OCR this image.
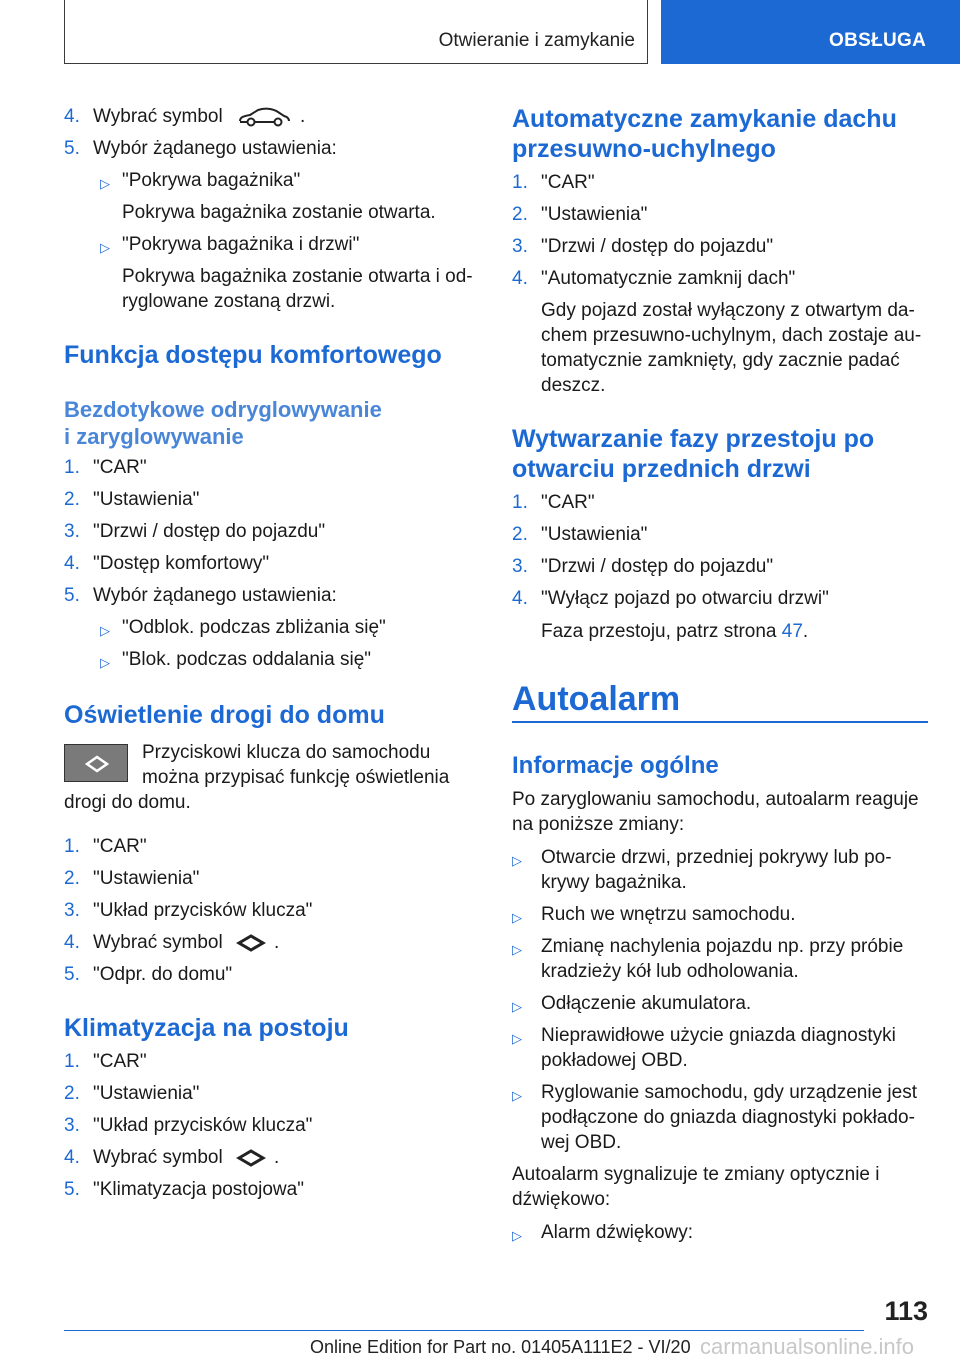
Otwieranie i zamykanie	OBSŁUGA
4. Wybrać symbol	.
5. Wybór żądanego ustawienia:
▷ "Pokrywa bagażnika"
Pokrywa bagażnika zostanie otwarta.
▷ "Pokrywa bagażnika i drzwi"
Pokrywa bagażnika zostanie otwarta i od-
ryglowane zostaną drzwi.
Funkcja dostępu komfortowego
Bezdotykowe odryglowywanie
i zaryglowywanie
1. "CAR"
2. "Ustawienia"
3. "Drzwi / dostęp do pojazdu"
4. "Dostęp komfortowy"
5. Wybór żądanego ustawienia:
▷ "Odblok. podczas zbliżania się"
▷ "Blok. podczas oddalania się"
Oświetlenie drogi do domu
Przyciskowi klucza do samochodu
można przypisać funkcję oświetlenia
drogi do domu.
1. "CAR"
2. "Ustawienia"
3. "Układ przycisków klucza"
4. Wybrać symbol	.
5. "Odpr. do domu"
Klimatyzacja na postoju
1. "CAR"
2. "Ustawienia"
3. "Układ przycisków klucza"
4. Wybrać symbol	.
5. "Klimatyzacja postojowa"
Automatyczne zamykanie dachu
przesuwno-uchylnego
1. "CAR"
2. "Ustawienia"
3. "Drzwi / dostęp do pojazdu"
4. "Automatycznie zamknij dach"
Gdy pojazd został wyłączony z otwartym da-
chem przesuwno-uchylnym, dach zostaje au-
tomatycznie zamknięty, gdy zacznie padać
deszcz.
Wytwarzanie fazy przestoju po
otwarciu przednich drzwi
1. "CAR"
2. "Ustawienia"
3. "Drzwi / dostęp do pojazdu"
4. "Wyłącz pojazd po otwarciu drzwi"
Faza przestoju, patrz strona 47.
Autoalarm
Informacje ogólne
Po zaryglowaniu samochodu, autoalarm reaguje
na poniższe zmiany:
▷ Otwarcie drzwi, przedniej pokrywy lub po-
krywy bagażnika.
▷ Ruch we wnętrzu samochodu.
▷ Zmianę nachylenia pojazdu np. przy próbie
kradzieży kół lub odholowania.
▷ Odłączenie akumulatora.
▷ Nieprawidłowe użycie gniazda diagnostyki
pokładowej OBD.
▷ Ryglowanie samochodu, gdy urządzenie jest
podłączone do gniazda diagnostyki pokłado-
wej OBD.
Autoalarm sygnalizuje te zmiany optycznie i
dźwiękowo:
▷ Alarm dźwiękowy:
113
Online Edition for Part no. 01405A111E2 - VI/20 carmanualsonline.info
